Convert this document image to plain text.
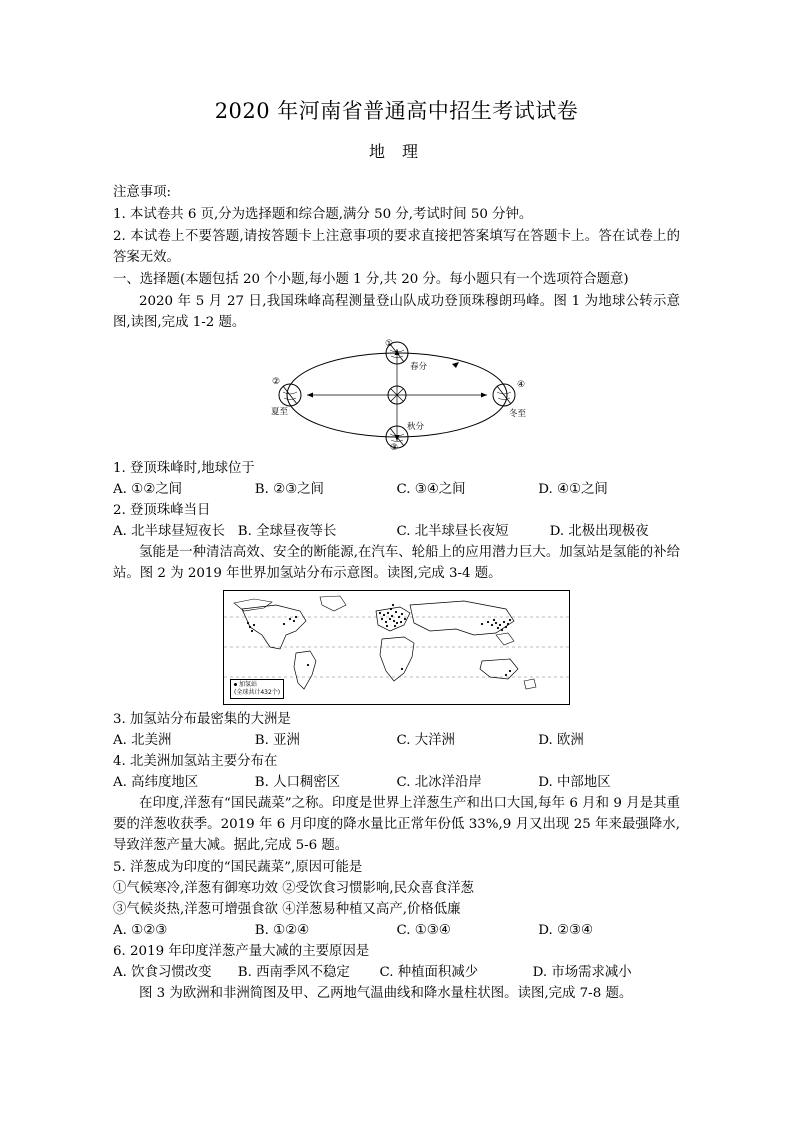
2020 年河南省普通高中招生考试试卷
地 理
注意事项:
1. 本试卷共 6 页,分为选择题和综合题,满分 50 分,考试时间 50 分钟。
2. 本试卷上不要答题,请按答题卡上注意事项的要求直接把答案填写在答题卡上。答在试卷上的答案无效。
一、选择题(本题包括 20 个小题,每小题 1 分,共 20 分。每小题只有一个选项符合题意)
2020 年 5 月 27 日,我国珠峰高程测量登山队成功登顶珠穆朗玛峰。图 1 为地球公转示意图,读图,完成 1-2 题。
①
春分
②
夏至
④
冬至
③
秋分
1. 登顶珠峰时,地球位于
A. ①②之间	B. ②③之间	C. ③④之间	D. ④①之间
2. 登顶珠峰当日
A. 北半球昼短夜长 B. 全球昼夜等长	C. 北半球昼长夜短	D. 北极出现极夜
氢能是一种清洁高效、安全的断能源,在汽车、轮船上的应用潜力巨大。加氢站是氢能的补给站。图 2 为 2019 年世界加氢站分布示意图。读图,完成 3-4 题。
加氢站
(全球共计432个)
3. 加氢站分布最密集的大洲是
A. 北美洲	B. 亚洲	C. 大洋洲	D. 欧洲
4. 北美洲加氢站主要分布在
A. 高纬度地区	B. 人口稠密区	C. 北冰洋沿岸	D. 中部地区
在印度,洋葱有“国民蔬菜”之称。印度是世界上洋葱生产和出口大国,每年 6 月和 9 月是其重要的洋葱收获季。2019 年 6 月印度的降水量比正常年份低 33%,9 月又出现 25 年来最强降水,导致洋葱产量大减。据此,完成 5-6 题。
5. 洋葱成为印度的“国民蔬菜”,原因可能是
①气候寒冷,洋葱有御寒功效 ②受饮食习惯影响,民众喜食洋葱
③气候炎热,洋葱可增强食欲 ④洋葱易种植又高产,价格低廉
A. ①②③	B. ①②④	C. ①③④	D. ②③④
6. 2019 年印度洋葱产量大减的主要原因是
A. 饮食习惯改变	B. 西南季风不稳定	C. 种植面积减少	D. 市场需求减小
图 3 为欧洲和非洲简图及甲、乙两地气温曲线和降水量柱状图。读图,完成 7-8 题。
